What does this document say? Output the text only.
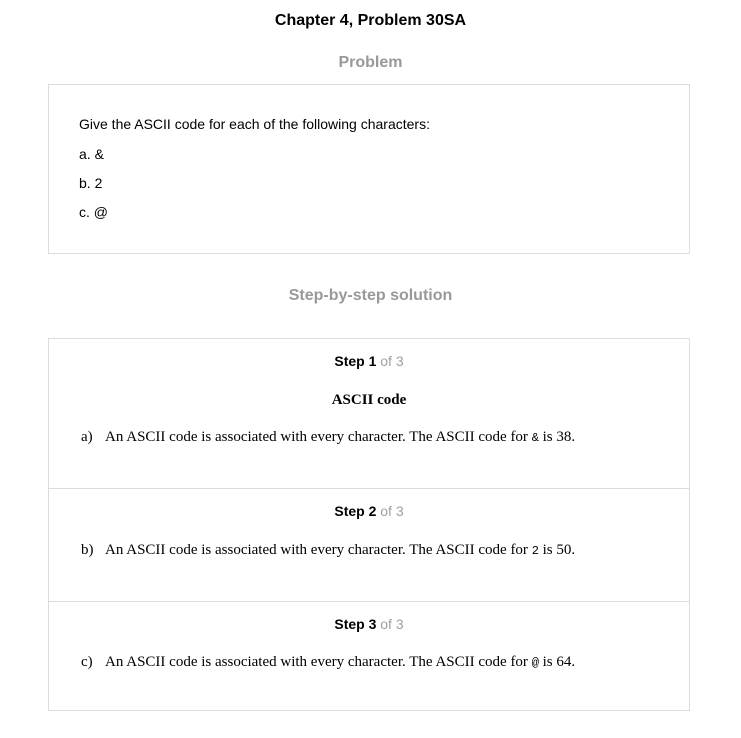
Chapter 4, Problem 30SA
Problem
Give the ASCII code for each of the following characters:
a. &
b. 2
c. @
Step-by-step solution
Step 1 of 3
ASCII code
a) An ASCII code is associated with every character. The ASCII code for & is 38.
Step 2 of 3
b) An ASCII code is associated with every character. The ASCII code for 2 is 50.
Step 3 of 3
c) An ASCII code is associated with every character. The ASCII code for @ is 64.
